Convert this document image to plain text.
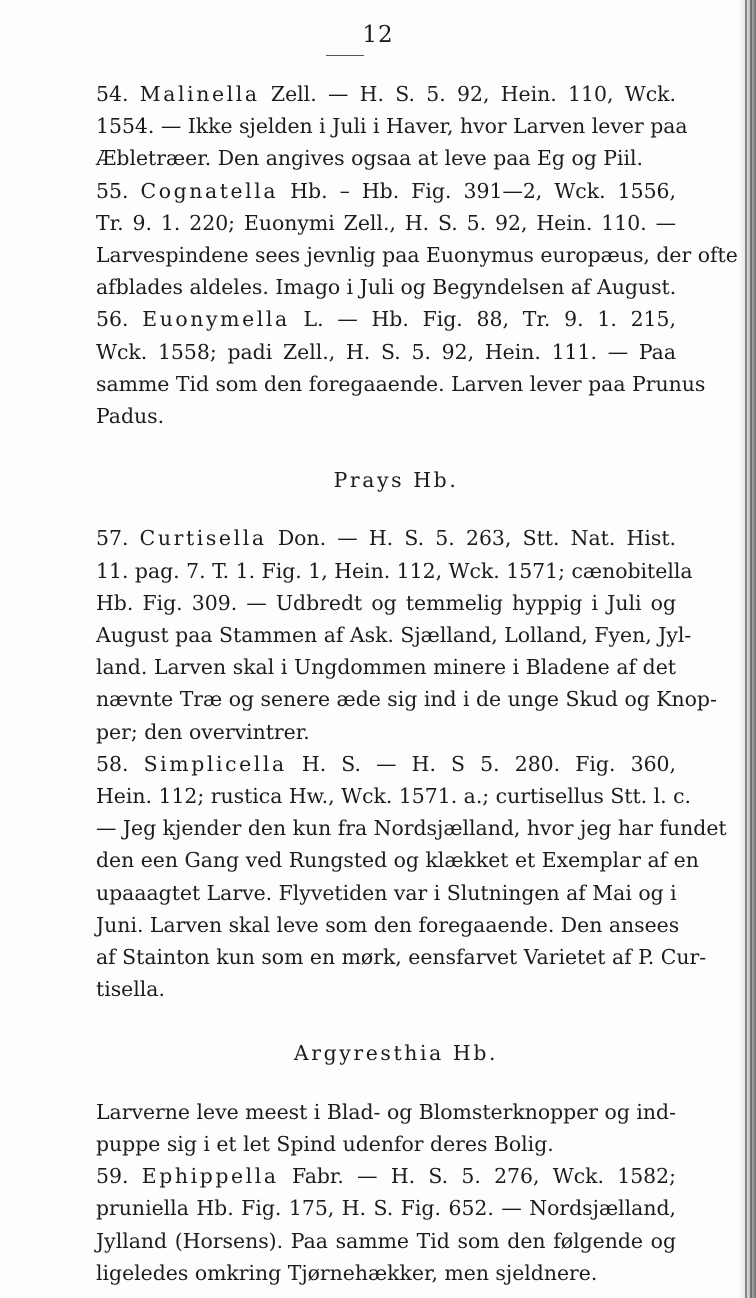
12

54. Malinella Zell. — H. S. 5. 92, Hein. 110, Wck.
1554. — Ikke sjelden i Juli i Haver, hvor Larven lever paa
Æbletræer. Den angives ogsaa at leve paa Eg og Piil.

55. Cognatella Hb. – Hb. Fig. 391—2, Wck. 1556,
Tr. 9. 1. 220; Euonymi Zell., H. S. 5. 92, Hein. 110. —
Larvespindene sees jevnlig paa Euonymus europæus, der ofte
afblades aldeles. Imago i Juli og Begyndelsen af August.

56. Euonymella L. — Hb. Fig. 88, Tr. 9. 1. 215,
Wck. 1558; padi Zell., H. S. 5. 92, Hein. 111. — Paa
samme Tid som den foregaaende. Larven lever paa Prunus
Padus.

Prays Hb.

57. Curtisella Don. — H. S. 5. 263, Stt. Nat. Hist.
11. pag. 7. T. 1. Fig. 1, Hein. 112, Wck. 1571; cænobitella
Hb. Fig. 309. — Udbredt og temmelig hyppig i Juli og
August paa Stammen af Ask. Sjælland, Lolland, Fyen, Jyl-
land. Larven skal i Ungdommen minere i Bladene af det
nævnte Træ og senere æde sig ind i de unge Skud og Knop-
per; den overvintrer.

58. Simplicella H. S. — H. S 5. 280. Fig. 360,
Hein. 112; rustica Hw., Wck. 1571. a.; curtisellus Stt. l. c.
— Jeg kjender den kun fra Nordsjælland, hvor jeg har fundet
den een Gang ved Rungsted og klækket et Exemplar af en
upaaagtet Larve. Flyvetiden var i Slutningen af Mai og i
Juni. Larven skal leve som den foregaaende. Den ansees
af Stainton kun som en mørk, eensfarvet Varietet af P. Cur-
tisella.

Argyresthia Hb.

Larverne leve meest i Blad- og Blomsterknopper og ind-
puppe sig i et let Spind udenfor deres Bolig.

59. Ephippella Fabr. — H. S. 5. 276, Wck. 1582;
pruniella Hb. Fig. 175, H. S. Fig. 652. — Nordsjælland,
Jylland (Horsens). Paa samme Tid som den følgende og
ligeledes omkring Tjørnehækker, men sjeldnere.
